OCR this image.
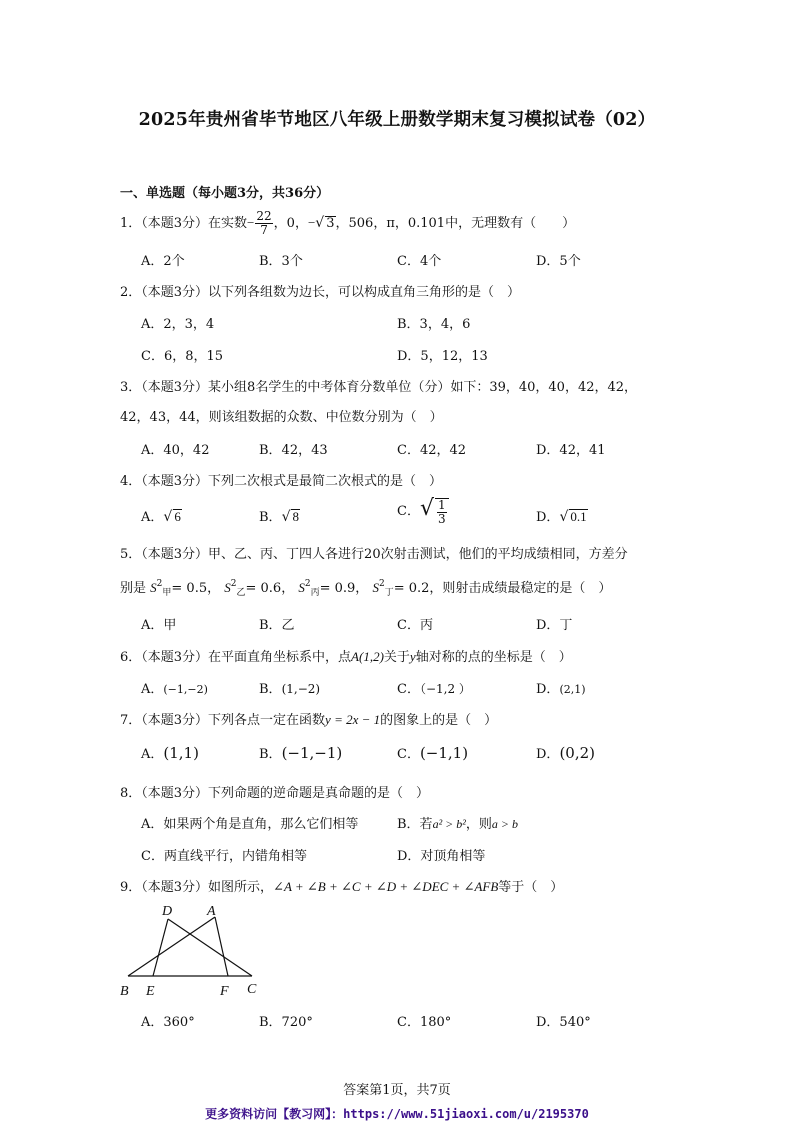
2025年贵州省毕节地区八年级上册数学期末复习模拟试卷（02）
一、单选题（每小题3分，共36分）
1．（本题3分）在实数− $\frac{22}{7}$ ，0，−√ 3，506，π，0.101中，无理数有（　　）
A．2个	B．3个	C．4个	D．5个
2．（本题3分）以下列各组数为边长，可以构成直角三角形的是（　）
A．2，3，4	B．3，4，6
C．6，8，15	D．5，12，13
3．（本题3分）某小组8名学生的中考体育分数单位（分）如下：39，40，40，42，42，
42，43，44，则该组数据的众数、中位数分别为（　）
A．40，42	B．42，43	C．42，42	D．42，41
4．（本题3分）下列二次根式是最简二次根式的是（　）
A．√ 6	B．√ 8	C．√ $\frac{1}{3}$	D．√ 0.1
5．（本题3分）甲、乙、丙、丁四人各进行20次射击测试，他们的平均成绩相同，方差分
别是 $S^2_甲= 0.5$， $S^2_乙= 0.6$， $S^2_丙= 0.9$， $S^2_丁= 0.2$，则射击成绩最稳定的是（　）
A．甲	B．乙	C．丙	D．丁
6．（本题3分）在平面直角坐标系中，点A(1,2)关于y轴对称的点的坐标是（　）
A．(−1,−2)	B．(1,−2)	C．（−1,2 ）	D．(2,1)
7．（本题3分）下列各点一定在函数y = 2x − 1的图象上的是（　）
A．(1,1)	B．(−1,−1)	C．(−1,1)	D．(0,2)
8．（本题3分）下列命题的逆命题是真命题的是（　）
A．如果两个角是直角，那么它们相等	B．若a² > b²，则a > b
C．两直线平行，内错角相等	D．对顶角相等
9．（本题3分）如图所示，∠A + ∠B + ∠C + ∠D + ∠DEC + ∠AFB等于（　）
D A
B E	F C
A．360°	B．720°	C．180°	D．540°
答案第1页，共7页
更多资料访问【教习网】：https://www.51jiaoxi.com/u/2195370
